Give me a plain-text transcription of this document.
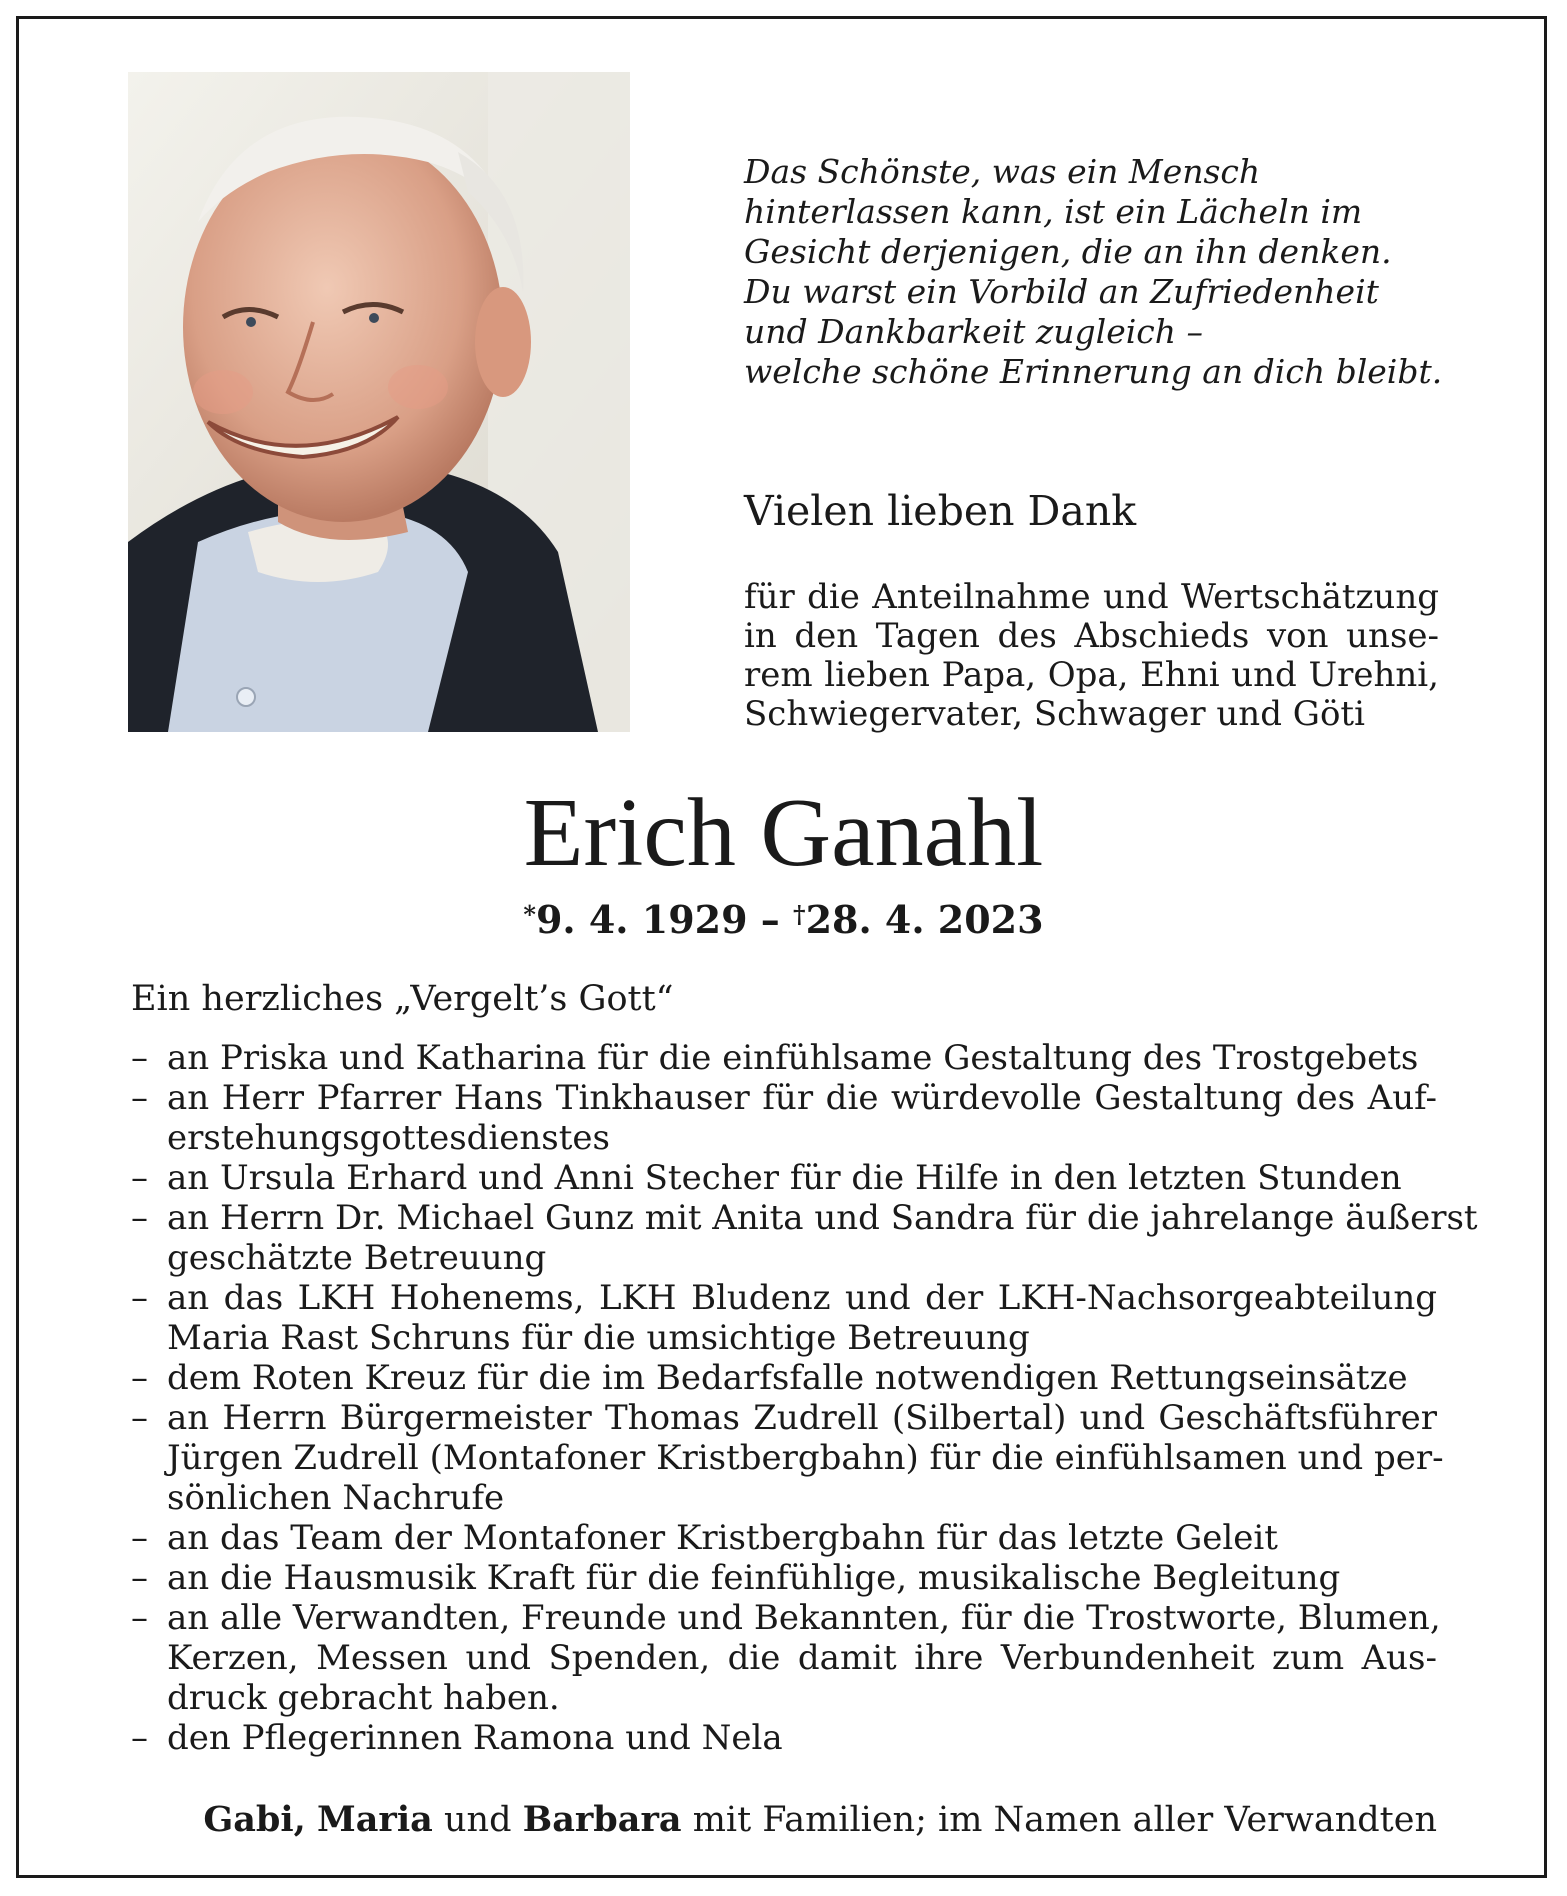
Das Schönste, was ein Mensch
hinterlassen kann, ist ein Lächeln im
Gesicht derjenigen, die an ihn denken.
Du warst ein Vorbild an Zufriedenheit
und Dankbarkeit zugleich –
welche schöne Erinnerung an dich bleibt.
Vielen lieben Dank
für die Anteilnahme und Wertschätzung
in den Tagen des Abschieds von unse-
rem lieben Papa, Opa, Ehni und Urehni,
Schwiegervater, Schwager und Göti
Erich Ganahl
*9. 4. 1929 – †28. 4. 2023
Ein herzliches „Vergelt’s Gott“
– an Priska und Katharina für die einfühlsame Gestaltung des Trostgebets
– an Herr Pfarrer Hans Tinkhauser für die würdevolle Gestaltung des Auf-
erstehungsgottesdienstes
– an Ursula Erhard und Anni Stecher für die Hilfe in den letzten Stunden
– an Herrn Dr. Michael Gunz mit Anita und Sandra für die jahrelange äußerst
geschätzte Betreuung
– an das LKH Hohenems, LKH Bludenz und der LKH-Nachsorgeabteilung
Maria Rast Schruns für die umsichtige Betreuung
– dem Roten Kreuz für die im Bedarfsfalle notwendigen Rettungseinsätze
– an Herrn Bürgermeister Thomas Zudrell (Silbertal) und Geschäftsführer
Jürgen Zudrell (Montafoner Kristbergbahn) für die einfühlsamen und per-
sönlichen Nachrufe
– an das Team der Montafoner Kristbergbahn für das letzte Geleit
– an die Hausmusik Kraft für die feinfühlige, musikalische Begleitung
– an alle Verwandten, Freunde und Bekannten, für die Trostworte, Blumen,
Kerzen, Messen und Spenden, die damit ihre Verbundenheit zum Aus-
druck gebracht haben.
– den Pflegerinnen Ramona und Nela
Gabi, Maria und Barbara mit Familien; im Namen aller Verwandten
